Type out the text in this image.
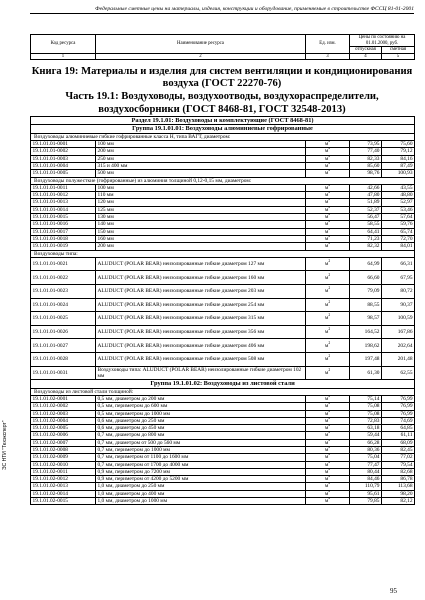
Федеральные сметные цены на материалы, изделия, конструкции и оборудование, применяемые в строительстве ФССЦ 81-01-2001
Код ресурса	Наименование ресурса	Ед. изм.	Цены по состоянию на 01.01.2000, руб.	
			отпускная	сметная
1	2	3	4	5
Книга 19: Материалы и изделия для систем вентиляции и кондиционирования воздуха (ГОСТ 22270-76)
Часть 19.1: Воздуховоды, воздухоотводы, воздухораспределители, воздухосборники (ГОСТ 8468-81, ГОСТ 32548-2013)
Раздел 19.1.01: Воздуховоды и комплектующие (ГОСТ 8468-81)				
Группа 19.1.01.01: Воздуховоды алюминиевые гофрированные				
Воздуховоды алюминиевые гибкие гофрированные класса Н, типа ВАГТ, диаметром:				
19.1.01.01-0001	100 мм	$м^2$	73,95	75,60
19.1.01.01-0002	200 мм	$м^2$	77,40	79,12
19.1.01.01-0003	250 мм	$м^2$	82,33	84,16
19.1.01.01-0004	315 и 400 мм	$м^2$	85,60	87,49
19.1.01.01-0005	500 мм	$м^2$	98,76	100,93
Воздуховоды полужесткие (гофрированные) из алюминия толщиной 0,12-0,15 мм, диаметром:				
19.1.01.01-0011	100 мм	$м^2$	42,66	43,55
19.1.01.01-0012	110 мм	$м^2$	47,80	48,80
19.1.01.01-0013	120 мм	$м^2$	51,89	52,97
19.1.01.01-0014	125 мм	$м^2$	52,37	53,46
19.1.01.01-0015	130 мм	$м^2$	56,47	57,64
19.1.01.01-0016	140 мм	$м^2$	58,55	59,76
19.1.01.01-0017	150 мм	$м^2$	64,41	65,74
19.1.01.01-0018	160 мм	$м^2$	71,23	72,70
19.1.01.01-0019	200 мм	$м^2$	82,32	84,01
Воздуховоды типа:				
19.1.01.01-0021	ALUDUCT (POLAR BEAR) неизолированные гибкие диаметром 127 мм	$м^2$	64,99	66,31
19.1.01.01-0022	ALUDUCT (POLAR BEAR) неизолированные гибкие диаметром 160 мм	$м^2$	66,60	67,95
19.1.01.01-0023	ALUDUCT (POLAR BEAR) неизолированные гибкие диаметром 203 мм	$м^2$	79,09	80,72
19.1.01.01-0024	ALUDUCT (POLAR BEAR) неизолированные гибкие диаметром 254 мм	$м^2$	88,55	90,37
19.1.01.01-0025	ALUDUCT (POLAR BEAR) неизолированные гибкие диаметром 315 мм	$м^2$	98,57	100,59
19.1.01.01-0026	ALUDUCT (POLAR BEAR) неизолированные гибкие диаметром 356 мм	$м^2$	164,52	167,86
19.1.01.01-0027	ALUDUCT (POLAR BEAR) неизолированные гибкие диаметром 406 мм	$м^2$	198,62	202,64
19.1.01.01-0028	ALUDUCT (POLAR BEAR) неизолированные гибкие диаметром 508 мм	$м^2$	197,48	201,48
19.1.01.01-0031	Воздуховоды типа: ALUDUCT (POLAR BEAR) неизолированные гибкие диаметром 102 мм	$м^2$	61,30	62,55
Группа 19.1.01.02: Воздуховоды из листовой стали				
Воздуховоды из листовой стали толщиной:				
19.1.01.02-0001	0,5 мм, диаметром до 200 мм	$м^2$	75,14	76,99
19.1.01.02-0002	0,5 мм, периметром до 600 мм	$м^2$	75,08	76,99
19.1.01.02-0003	0,5 мм, периметром до 1000 мм	$м^2$	75,08	76,99
19.1.01.02-0004	0,6 мм, диаметром до 250 мм	$м^2$	72,83	74,69
19.1.01.02-0005	0,6 мм, диаметром до 450 мм	$м^2$	63,18	64,85
19.1.01.02-0006	0,7 мм, диаметром до 800 мм	$м^2$	59,44	61,11
19.1.01.02-0007	0,7 мм, диаметром от 500 до 560 мм	$м^2$	66,28	68,09
19.1.01.02-0008	0,7 мм, периметром до 1000 мм	$м^2$	80,36	82,45
19.1.01.02-0009	0,7 мм, периметром от 1100 до 1600 мм	$м^2$	75,04	77,02
19.1.01.02-0010	0,7 мм, периметром от 1700 до 4000 мм	$м^2$	77,47	79,54
19.1.01.02-0011	0,9 мм, периметром до 7200 мм	$м^2$	80,44	82,68
19.1.01.02-0012	0,9 мм, периметром от 4200 до 5200 мм	$м^2$	84,46	86,78
19.1.01.02-0013	1,0 мм, диаметром до 250 мм	$м^2$	110,79	113,68
19.1.01.02-0014	1,0 мм, диаметром до 400 мм	$м^2$	95,61	98,20
19.1.01.02-0015	1,0 мм, диаметром до 1000 мм	$м^2$	79,85	82,12
ЭС НТИ "Техэксперт"
95
